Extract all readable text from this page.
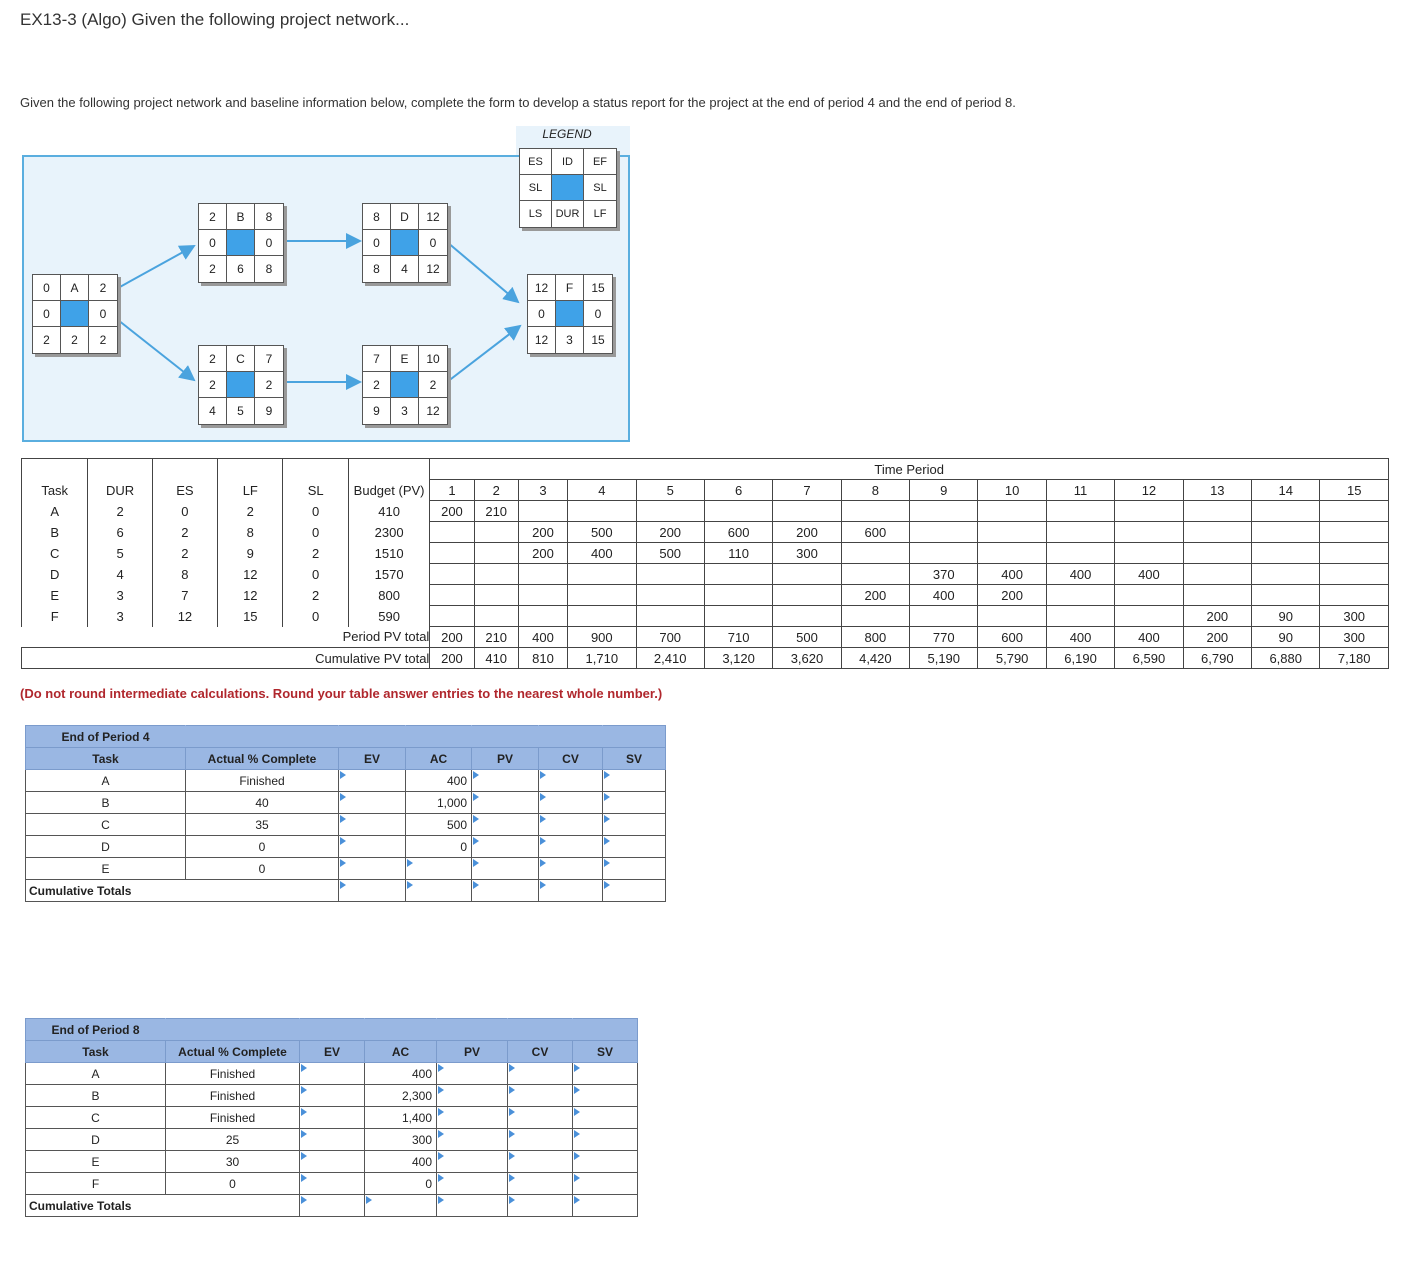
EX13-3 (Algo) Given the following project network...
Given the following project network and baseline information below, complete the form to develop a status report for the project at the end of period 4 and the end of period 8.
LEGEND
ES	ID	EF
SL	SL
LS	DUR	LF
0	A	2
0	0
2	2	2
2	B	8
0	0
2	6	8
2	C	7
2	2
4	5	9
8	D	12
0	0
8	4	12
7	E	10
2	2
9	3	12
12	F	15
0	0
12	3	15
						Time Period														
Task	DUR	ES	LF	SL	Budget (PV)	1	2	3	4	5	6	7	8	9	10	11	12	13	14	15
A	2	0	2	0	410	200	210													
B	6	2	8	0	2300			200	500	200	600	200	600							
C	5	2	9	2	1510			200	400	500	110	300								
D	4	8	12	0	1570									370	400	400	400			
E	3	7	12	2	800								200	400	200					
F	3	12	15	0	590													200	90	300
Period PV total						200	210	400	900	700	710	500	800	770	600	400	400	200	90	300
Cumulative PV total						200	410	810	1,710	2,410	3,120	3,620	4,420	5,190	5,790	6,190	6,590	6,790	6,880	7,180
(Do not round intermediate calculations. Round your table answer entries to the nearest whole number.)
End of Period 4						
Task	Actual % Complete	EV	AC	PV	CV	SV
A	Finished		400			
B	40		1,000			
C	35		500			
D	0		0			
E	0					
Cumulative Totals					
End of Period 8						
Task	Actual % Complete	EV	AC	PV	CV	SV
A	Finished		400			
B	Finished		2,300			
C	Finished		1,400			
D	25		300			
E	30		400			
F	0		0			
Cumulative Totals					
